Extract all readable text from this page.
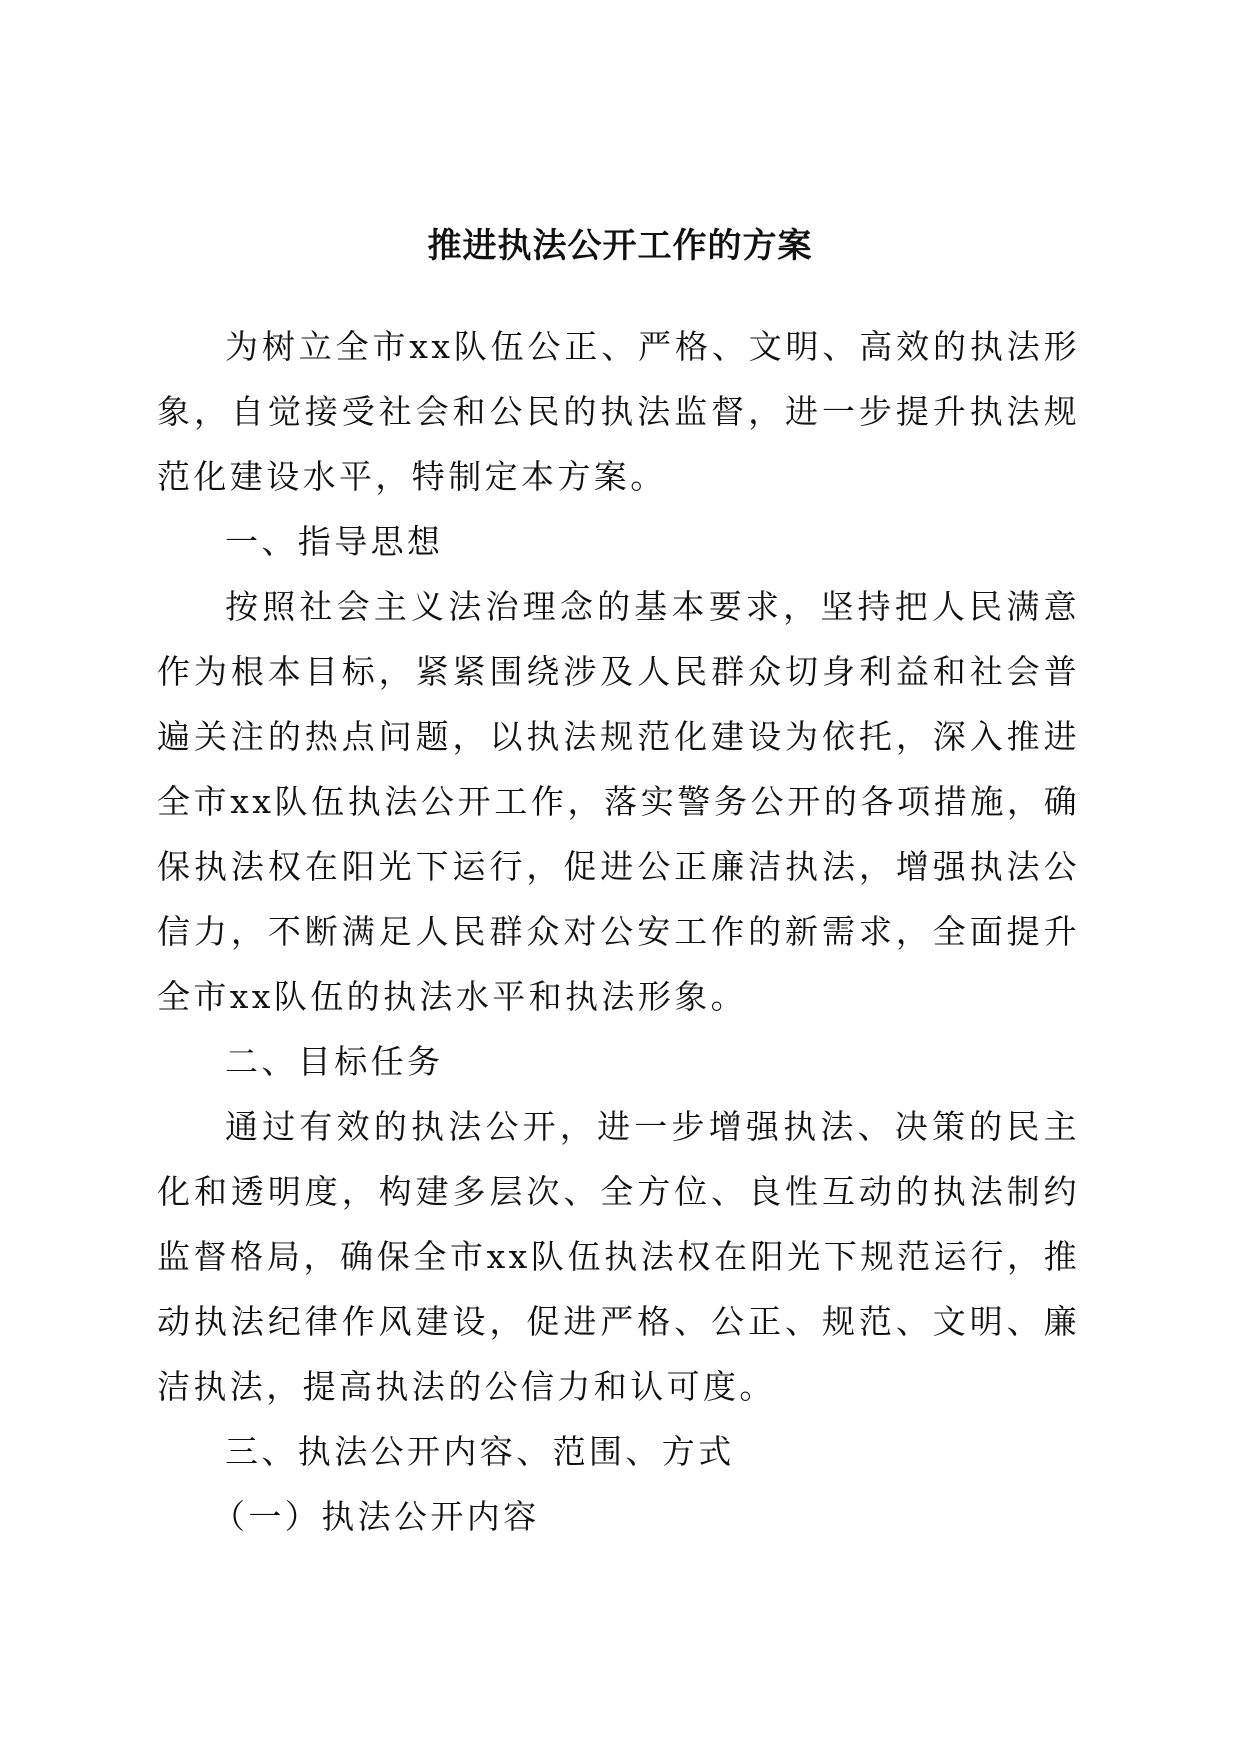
推进执法公开工作的方案

为树立全市xx队伍公正、严格、文明、高效的执法形象，自觉接受社会和公民的执法监督，进一步提升执法规范化建设水平，特制定本方案。

一、指导思想

按照社会主义法治理念的基本要求，坚持把人民满意作为根本目标，紧紧围绕涉及人民群众切身利益和社会普遍关注的热点问题，以执法规范化建设为依托，深入推进全市xx队伍执法公开工作，落实警务公开的各项措施，确保执法权在阳光下运行，促进公正廉洁执法，增强执法公信力，不断满足人民群众对公安工作的新需求，全面提升全市xx队伍的执法水平和执法形象。

二、目标任务

通过有效的执法公开，进一步增强执法、决策的民主化和透明度，构建多层次、全方位、良性互动的执法制约监督格局，确保全市xx队伍执法权在阳光下规范运行，推动执法纪律作风建设，促进严格、公正、规范、文明、廉洁执法，提高执法的公信力和认可度。

三、执法公开内容、范围、方式

（一）执法公开内容
